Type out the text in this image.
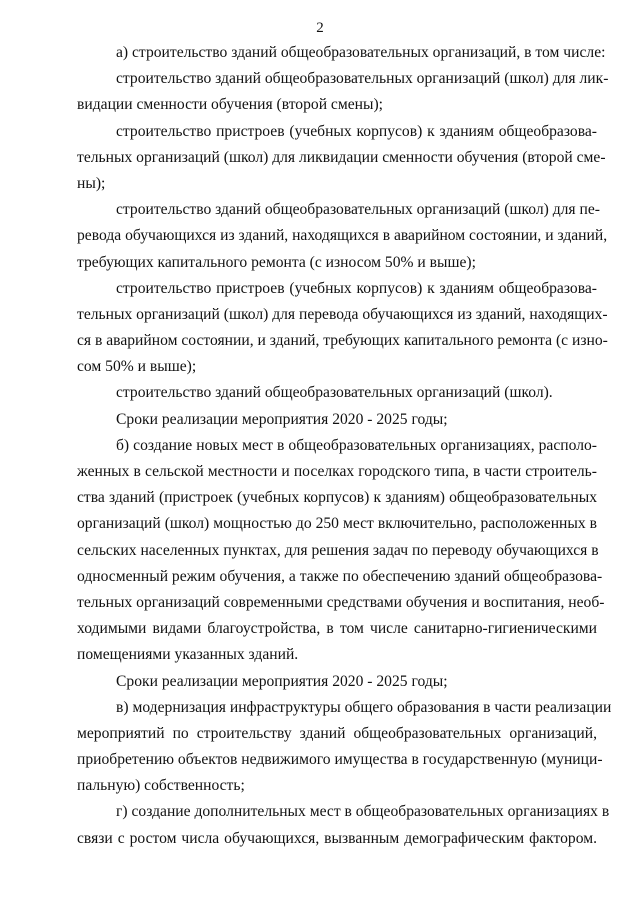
2
а) строительство зданий общеобразовательных организаций, в том числе:
строительство зданий общеобразовательных организаций (школ) для лик-
видации сменности обучения (второй смены);
строительство пристроев (учебных корпусов) к зданиям общеобразова-
тельных организаций (школ) для ликвидации сменности обучения (второй сме-
ны);
строительство зданий общеобразовательных организаций (школ) для пе-
ревода обучающихся из зданий, находящихся в аварийном состоянии, и зданий,
требующих капитального ремонта (с износом 50% и выше);
строительство пристроев (учебных корпусов) к зданиям общеобразова-
тельных организаций (школ) для перевода обучающихся из зданий, находящих-
ся в аварийном состоянии, и зданий, требующих капитального ремонта (с изно-
сом 50% и выше);
строительство зданий общеобразовательных организаций (школ).
Сроки реализации мероприятия 2020 - 2025 годы;
б) создание новых мест в общеобразовательных организациях, располо-
женных в сельской местности и поселках городского типа, в части строитель-
ства зданий (пристроек (учебных корпусов) к зданиям) общеобразовательных
организаций (школ) мощностью до 250 мест включительно, расположенных в
сельских населенных пунктах, для решения задач по переводу обучающихся в
односменный режим обучения, а также по обеспечению зданий общеобразова-
тельных организаций современными средствами обучения и воспитания, необ-
ходимыми видами благоустройства, в том числе санитарно-гигиеническими
помещениями указанных зданий.
Сроки реализации мероприятия 2020 - 2025 годы;
в) модернизация инфраструктуры общего образования в части реализации
мероприятий по строительству зданий общеобразовательных организаций,
приобретению объектов недвижимого имущества в государственную (муници-
пальную) собственность;
г) создание дополнительных мест в общеобразовательных организациях в
связи с ростом числа обучающихся, вызванным демографическим фактором.
